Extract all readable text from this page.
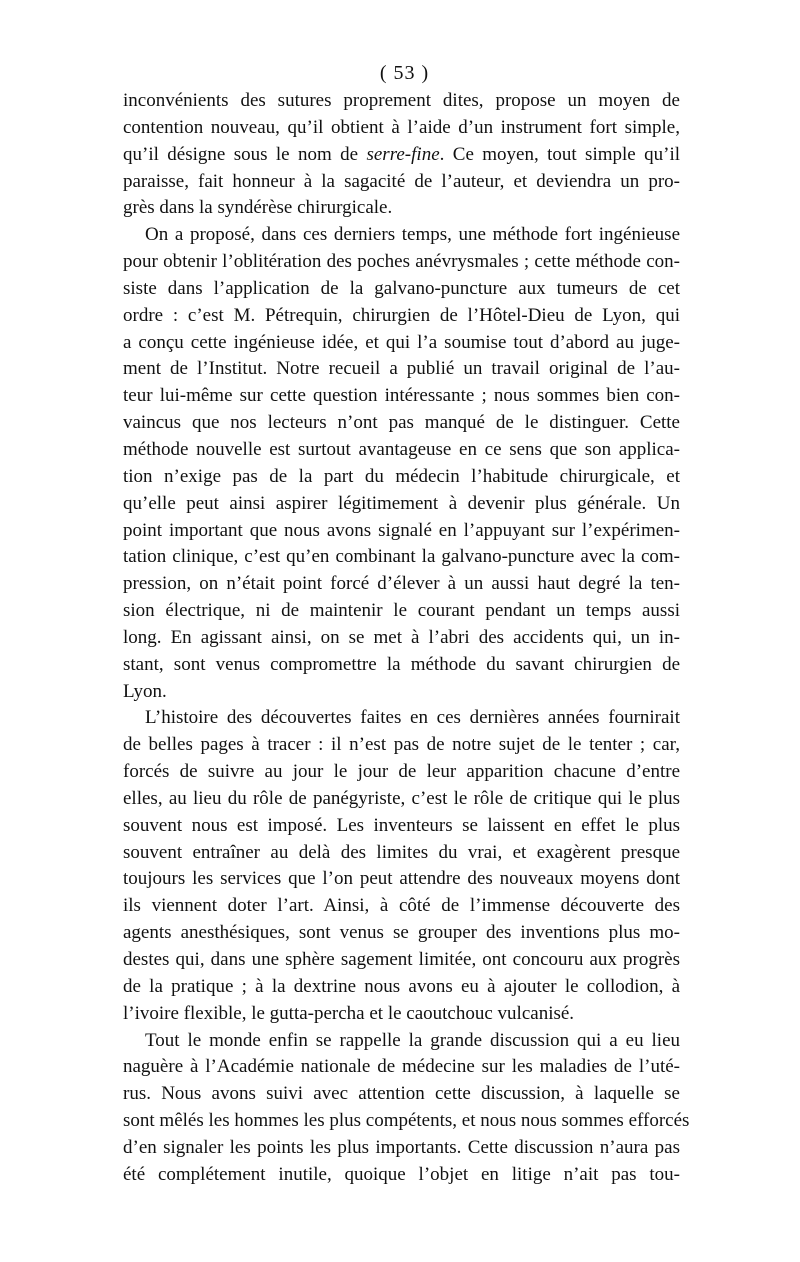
( 53 )
inconvénients des sutures proprement dites, propose un moyen de
contention nouveau, qu’il obtient à l’aide d’un instrument fort simple,
qu’il désigne sous le nom de serre-fine. Ce moyen, tout simple qu’il
paraisse, fait honneur à la sagacité de l’auteur, et deviendra un pro-
grès dans la syndérèse chirurgicale.
On a proposé, dans ces derniers temps, une méthode fort ingénieuse
pour obtenir l’oblitération des poches anévrysmales ; cette méthode con-
siste dans l’application de la galvano-puncture aux tumeurs de cet
ordre : c’est M. Pétrequin, chirurgien de l’Hôtel-Dieu de Lyon, qui
a conçu cette ingénieuse idée, et qui l’a soumise tout d’abord au juge-
ment de l’Institut. Notre recueil a publié un travail original de l’au-
teur lui-même sur cette question intéressante ; nous sommes bien con-
vaincus que nos lecteurs n’ont pas manqué de le distinguer. Cette
méthode nouvelle est surtout avantageuse en ce sens que son applica-
tion n’exige pas de la part du médecin l’habitude chirurgicale, et
qu’elle peut ainsi aspirer légitimement à devenir plus générale. Un
point important que nous avons signalé en l’appuyant sur l’expérimen-
tation clinique, c’est qu’en combinant la galvano-puncture avec la com-
pression, on n’était point forcé d’élever à un aussi haut degré la ten-
sion électrique, ni de maintenir le courant pendant un temps aussi
long. En agissant ainsi, on se met à l’abri des accidents qui, un in-
stant, sont venus compromettre la méthode du savant chirurgien de
Lyon.
L’histoire des découvertes faites en ces dernières années fournirait
de belles pages à tracer : il n’est pas de notre sujet de le tenter ; car,
forcés de suivre au jour le jour de leur apparition chacune d’entre
elles, au lieu du rôle de panégyriste, c’est le rôle de critique qui le plus
souvent nous est imposé. Les inventeurs se laissent en effet le plus
souvent entraîner au delà des limites du vrai, et exagèrent presque
toujours les services que l’on peut attendre des nouveaux moyens dont
ils viennent doter l’art. Ainsi, à côté de l’immense découverte des
agents anesthésiques, sont venus se grouper des inventions plus mo-
destes qui, dans une sphère sagement limitée, ont concouru aux progrès
de la pratique ; à la dextrine nous avons eu à ajouter le collodion, à
l’ivoire flexible, le gutta-percha et le caoutchouc vulcanisé.
Tout le monde enfin se rappelle la grande discussion qui a eu lieu
naguère à l’Académie nationale de médecine sur les maladies de l’uté-
rus. Nous avons suivi avec attention cette discussion, à laquelle se
sont mêlés les hommes les plus compétents, et nous nous sommes efforcés
d’en signaler les points les plus importants. Cette discussion n’aura pas
été complétement inutile, quoique l’objet en litige n’ait pas tou-
